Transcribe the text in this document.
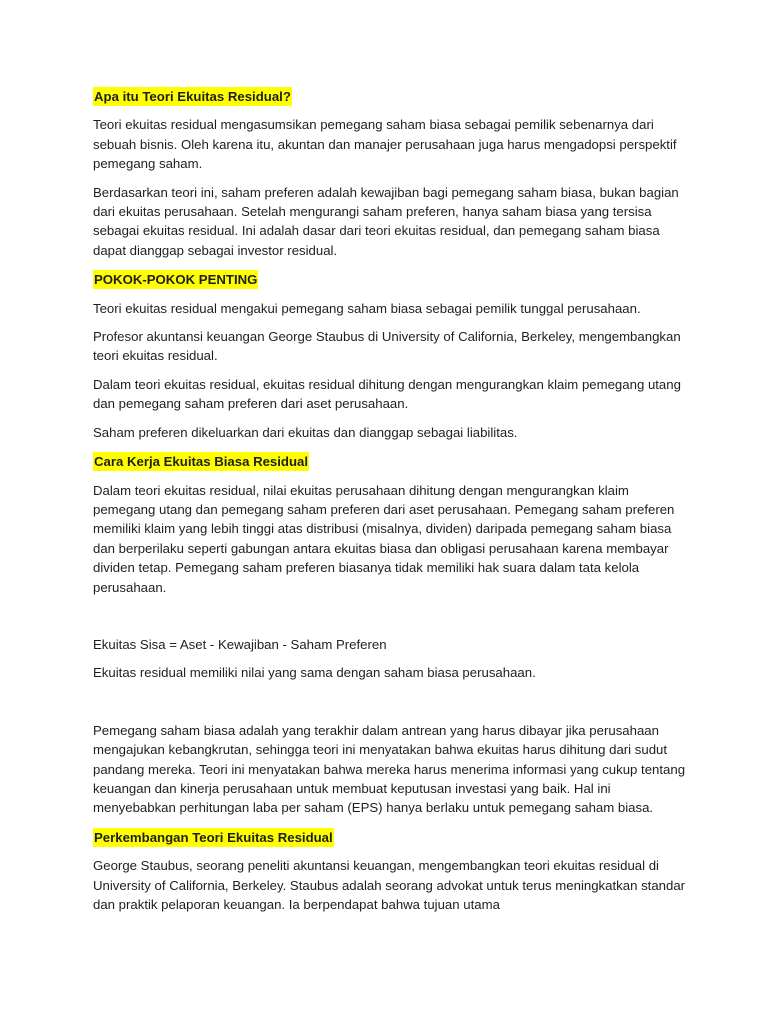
Apa itu Teori Ekuitas Residual?

Teori ekuitas residual mengasumsikan pemegang saham biasa sebagai pemilik sebenarnya dari sebuah bisnis. Oleh karena itu, akuntan dan manajer perusahaan juga harus mengadopsi perspektif pemegang saham.

Berdasarkan teori ini, saham preferen adalah kewajiban bagi pemegang saham biasa, bukan bagian dari ekuitas perusahaan. Setelah mengurangi saham preferen, hanya saham biasa yang tersisa sebagai ekuitas residual. Ini adalah dasar dari teori ekuitas residual, dan pemegang saham biasa dapat dianggap sebagai investor residual.

POKOK-POKOK PENTING

Teori ekuitas residual mengakui pemegang saham biasa sebagai pemilik tunggal perusahaan.

Profesor akuntansi keuangan George Staubus di University of California, Berkeley, mengembangkan teori ekuitas residual.

Dalam teori ekuitas residual, ekuitas residual dihitung dengan mengurangkan klaim pemegang utang dan pemegang saham preferen dari aset perusahaan.

Saham preferen dikeluarkan dari ekuitas dan dianggap sebagai liabilitas.

Cara Kerja Ekuitas Biasa Residual

Dalam teori ekuitas residual, nilai ekuitas perusahaan dihitung dengan mengurangkan klaim pemegang utang dan pemegang saham preferen dari aset perusahaan. Pemegang saham preferen memiliki klaim yang lebih tinggi atas distribusi (misalnya, dividen) daripada pemegang saham biasa dan berperilaku seperti gabungan antara ekuitas biasa dan obligasi perusahaan karena membayar dividen tetap. Pemegang saham preferen biasanya tidak memiliki hak suara dalam tata kelola perusahaan.

Ekuitas Sisa = Aset - Kewajiban - Saham Preferen

Ekuitas residual memiliki nilai yang sama dengan saham biasa perusahaan.

Pemegang saham biasa adalah yang terakhir dalam antrean yang harus dibayar jika perusahaan mengajukan kebangkrutan, sehingga teori ini menyatakan bahwa ekuitas harus dihitung dari sudut pandang mereka. Teori ini menyatakan bahwa mereka harus menerima informasi yang cukup tentang keuangan dan kinerja perusahaan untuk membuat keputusan investasi yang baik. Hal ini menyebabkan perhitungan laba per saham (EPS) hanya berlaku untuk pemegang saham biasa.

Perkembangan Teori Ekuitas Residual

George Staubus, seorang peneliti akuntansi keuangan, mengembangkan teori ekuitas residual di University of California, Berkeley. Staubus adalah seorang advokat untuk terus meningkatkan standar dan praktik pelaporan keuangan. Ia berpendapat bahwa tujuan utama
